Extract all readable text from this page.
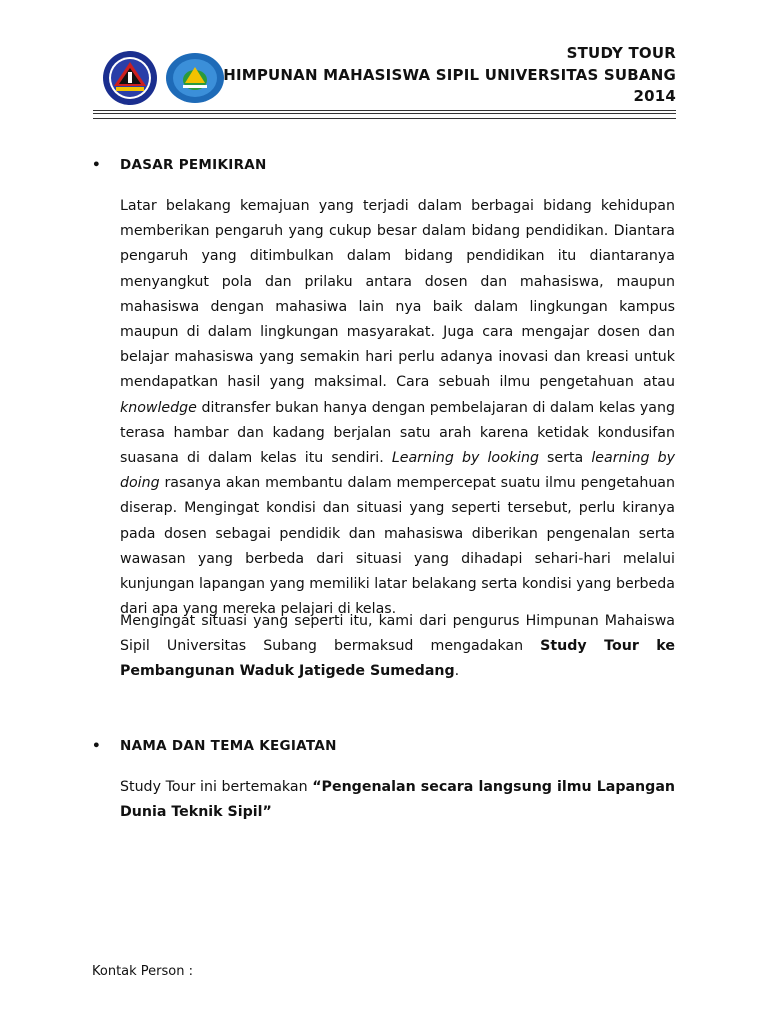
STUDY TOUR
HIMPUNAN MAHASISWA SIPIL UNIVERSITAS SUBANG
2014
• DASAR PEMIKIRAN
Latar belakang kemajuan yang terjadi dalam berbagai bidang kehidupan memberikan pengaruh yang cukup besar dalam bidang pendidikan. Diantara pengaruh yang ditimbulkan dalam bidang pendidikan itu diantaranya menyangkut pola dan prilaku antara dosen dan mahasiswa, maupun mahasiswa dengan mahasiwa lain nya baik dalam lingkungan kampus maupun di dalam lingkungan masyarakat. Juga cara mengajar dosen dan belajar mahasiswa yang semakin hari perlu adanya inovasi dan kreasi untuk mendapatkan hasil yang maksimal. Cara sebuah ilmu pengetahuan atau knowledge ditransfer bukan hanya dengan pembelajaran di dalam kelas yang terasa hambar dan kadang berjalan satu arah karena ketidak kondusifan suasana di dalam kelas itu sendiri. Learning by looking serta learning by doing rasanya akan membantu dalam mempercepat suatu ilmu pengetahuan diserap. Mengingat kondisi dan situasi yang seperti tersebut, perlu kiranya pada dosen sebagai pendidik dan mahasiswa diberikan pengenalan serta wawasan yang berbeda dari situasi yang dihadapi sehari-hari melalui kunjungan lapangan yang memiliki latar belakang serta kondisi yang berbeda dari apa yang mereka pelajari di kelas.
Mengingat situasi yang seperti itu, kami dari pengurus Himpunan Mahaiswa Sipil Universitas Subang bermaksud mengadakan Study Tour ke Pembangunan Waduk Jatigede Sumedang.
• NAMA DAN TEMA KEGIATAN
Study Tour ini bertemakan “Pengenalan secara langsung ilmu Lapangan Dunia Teknik Sipil”
Kontak Person :
